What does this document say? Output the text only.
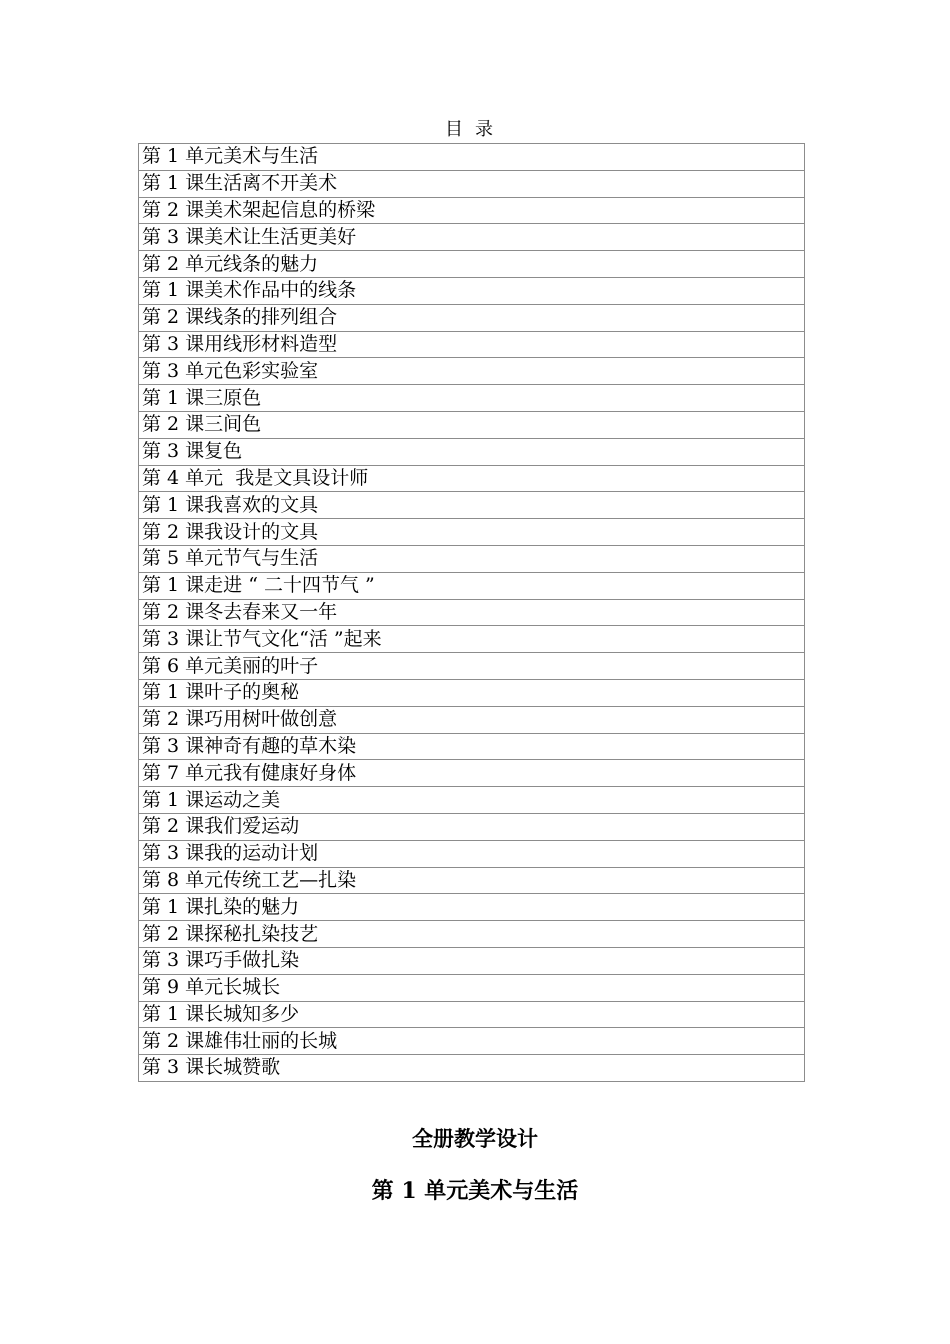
目录
第 1 单元美术与生活
第 1 课生活离不开美术
第 2 课美术架起信息的桥梁
第 3 课美术让生活更美好
第 2 单元线条的魅力
第 1 课美术作品中的线条
第 2 课线条的排列组合
第 3 课用线形材料造型
第 3 单元色彩实验室
第 1 课三原色
第 2 课三间色
第 3 课复色
第 4 单元  我是文具设计师
第 1 课我喜欢的文具
第 2 课我设计的文具
第 5 单元节气与生活
第 1 课走进 “ 二十四节气 ”
第 2 课冬去春来又一年
第 3 课让节气文化“活 ”起来
第 6 单元美丽的叶子
第 1 课叶子的奥秘
第 2 课巧用树叶做创意
第 3 课神奇有趣的草木染
第 7 单元我有健康好身体
第 1 课运动之美
第 2 课我们爱运动
第 3 课我的运动计划
第 8 单元传统工艺—扎染
第 1 课扎染的魅力
第 2 课探秘扎染技艺
第 3 课巧手做扎染
第 9 单元长城长
第 1 课长城知多少
第 2 课雄伟壮丽的长城
第 3 课长城赞歌
全册教学设计
第 1 单元美术与生活
